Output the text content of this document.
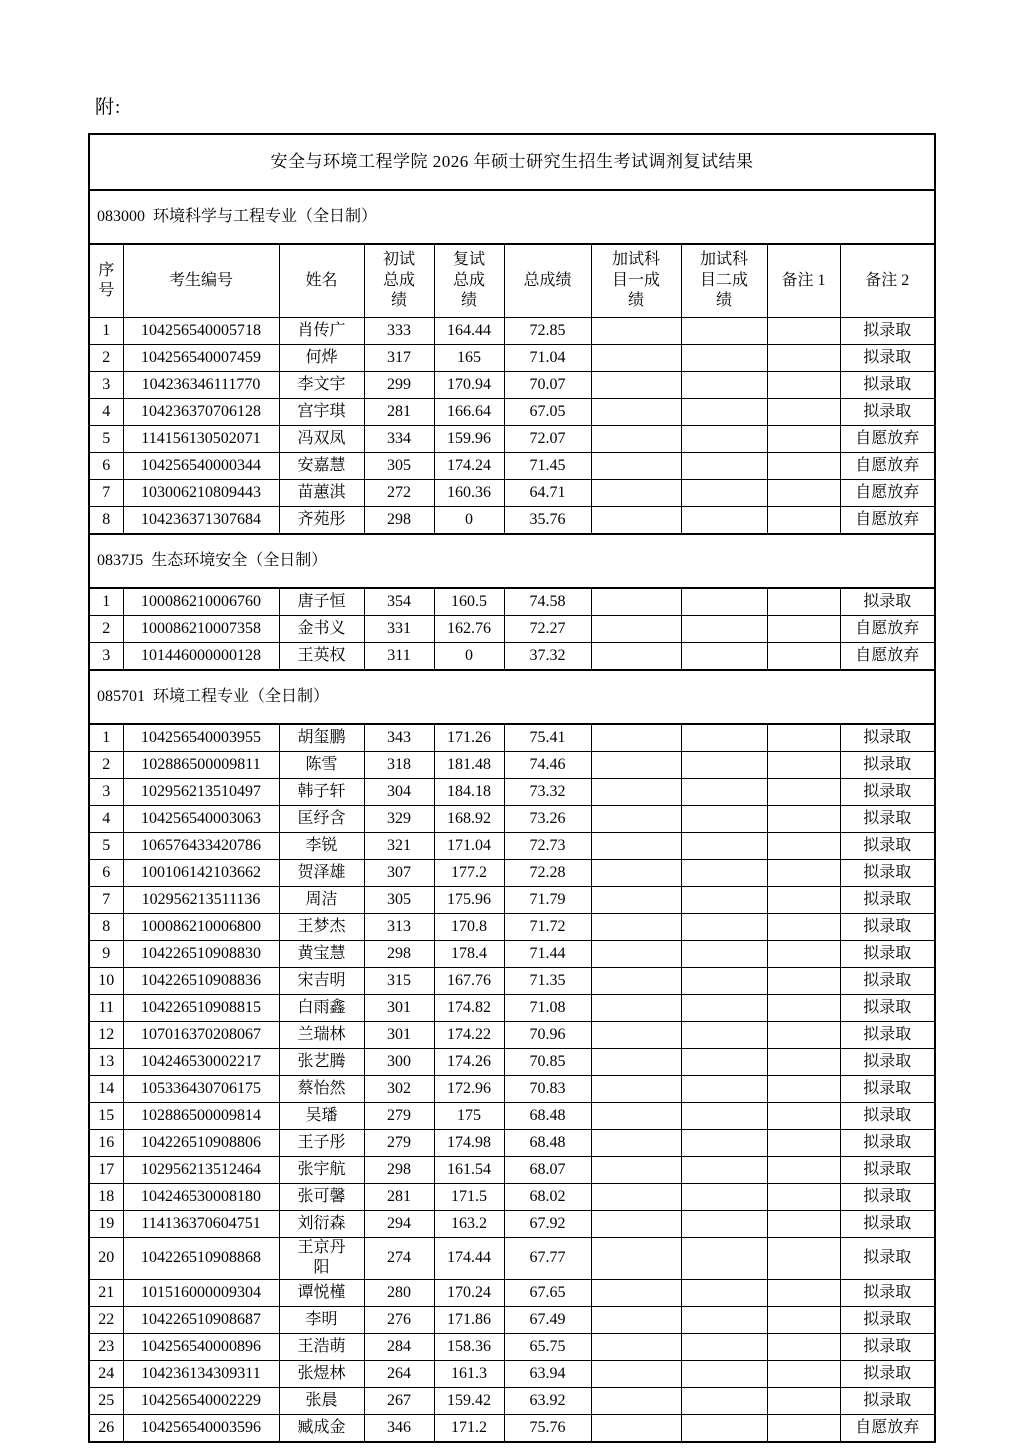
附:
安全与环境工程学院 2026 年硕士研究生招生考试调剂复试结果									
083000  环境科学与工程专业（全日制）									
序号	考生编号	姓名	初试总成绩	复试总成绩	总成绩	加试科目一成绩	加试科目二成绩	备注 1	备注 2
1	104256540005718	肖传广	333	164.44	72.85				拟录取
2	104256540007459	何烨	317	165	71.04				拟录取
3	104236346111770	李文宇	299	170.94	70.07				拟录取
4	104236370706128	宫宇琪	281	166.64	67.05				拟录取
5	114156130502071	冯双凤	334	159.96	72.07				自愿放弃
6	104256540000344	安嘉慧	305	174.24	71.45				自愿放弃
7	103006210809443	苗蕙淇	272	160.36	64.71				自愿放弃
8	104236371307684	齐苑彤	298	0	35.76				自愿放弃
0837J5  生态环境安全（全日制）									
1	100086210006760	唐子恒	354	160.5	74.58				拟录取
2	100086210007358	金书义	331	162.76	72.27				自愿放弃
3	101446000000128	王英权	311	0	37.32				自愿放弃
085701  环境工程专业（全日制）									
1	104256540003955	胡玺鹏	343	171.26	75.41				拟录取
2	102886500009811	陈雪	318	181.48	74.46				拟录取
3	102956213510497	韩子轩	304	184.18	73.32				拟录取
4	104256540003063	匡纾含	329	168.92	73.26				拟录取
5	106576433420786	李锐	321	171.04	72.73				拟录取
6	100106142103662	贺泽雄	307	177.2	72.28				拟录取
7	102956213511136	周洁	305	175.96	71.79				拟录取
8	100086210006800	王梦杰	313	170.8	71.72				拟录取
9	104226510908830	黄宝慧	298	178.4	71.44				拟录取
10	104226510908836	宋吉明	315	167.76	71.35				拟录取
11	104226510908815	白雨鑫	301	174.82	71.08				拟录取
12	107016370208067	兰瑞林	301	174.22	70.96				拟录取
13	104246530002217	张艺腾	300	174.26	70.85				拟录取
14	105336430706175	蔡怡然	302	172.96	70.83				拟录取
15	102886500009814	吴璠	279	175	68.48				拟录取
16	104226510908806	王子彤	279	174.98	68.48				拟录取
17	102956213512464	张宇航	298	161.54	68.07				拟录取
18	104246530008180	张可馨	281	171.5	68.02				拟录取
19	114136370604751	刘衍森	294	163.2	67.92				拟录取
20	104226510908868	王京丹阳	274	174.44	67.77				拟录取
21	101516000009304	谭悦槿	280	170.24	67.65				拟录取
22	104226510908687	李明	276	171.86	67.49				拟录取
23	104256540000896	王浩萌	284	158.36	65.75				拟录取
24	104236134309311	张煜林	264	161.3	63.94				拟录取
25	104256540002229	张晨	267	159.42	63.92				拟录取
26	104256540003596	臧成金	346	171.2	75.76				自愿放弃
